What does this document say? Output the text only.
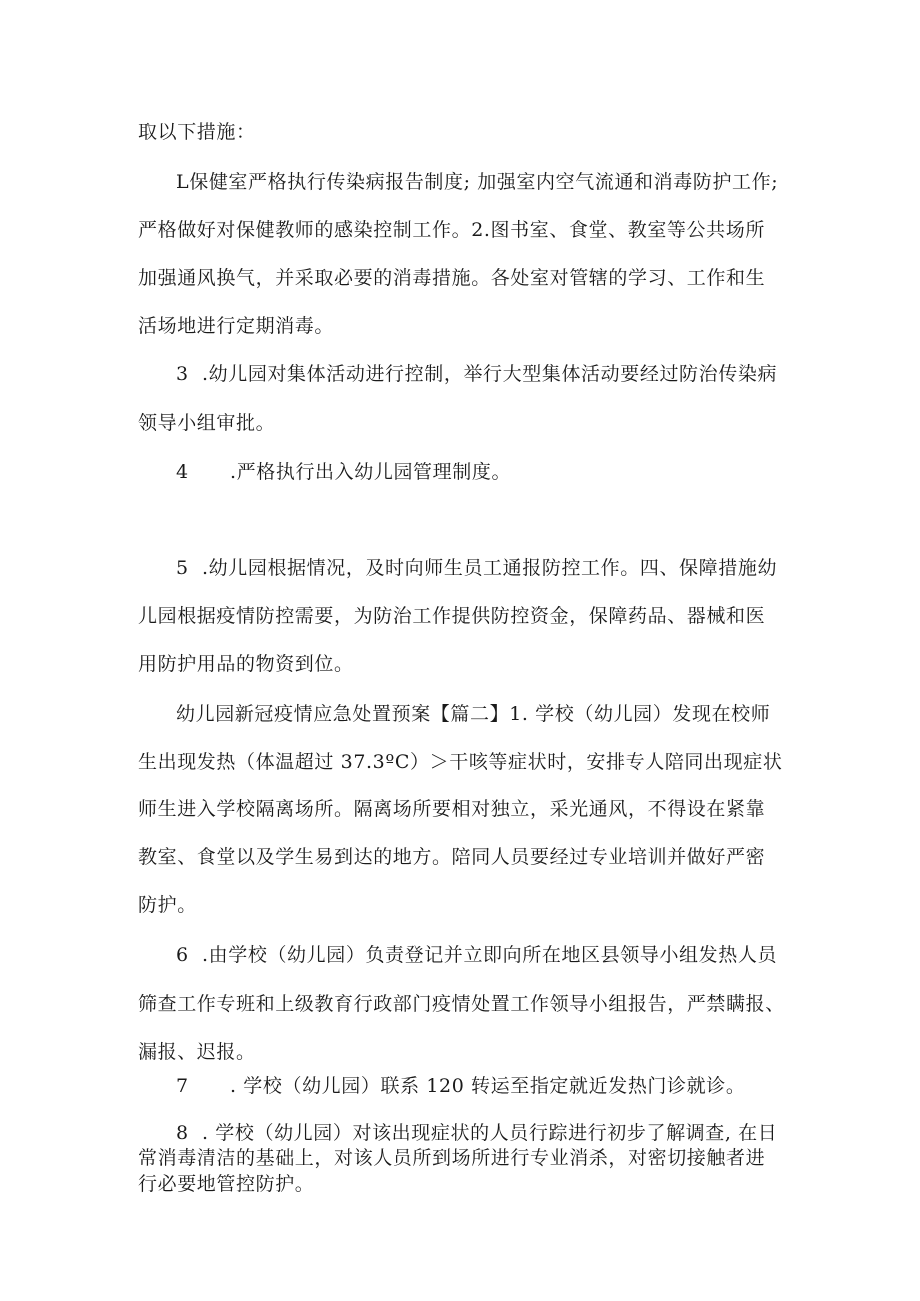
取以下措施：
L保健室严格执行传染病报告制度; 加强室内空气流通和消毒防护工作;
严格做好对保健教师的感染控制工作。2.图书室、食堂、教室等公共场所
加强通风换气，并采取必要的消毒措施。各处室对管辖的学习、工作和生
活场地进行定期消毒。
3 .幼儿园对集体活动进行控制，举行大型集体活动要经过防治传染病
领导小组审批。
4 .严格执行出入幼儿园管理制度。
5 .幼儿园根据情况，及时向师生员工通报防控工作。四、保障措施幼
儿园根据疫情防控需要，为防治工作提供防控资金，保障药品、器械和医
用防护用品的物资到位。
幼儿园新冠疫情应急处置预案【篇二】1. 学校（幼儿园）发现在校师
生出现发热（体温超过 37.3ºC）＞干咳等症状时，安排专人陪同出现症状
师生进入学校隔离场所。隔离场所要相对独立，采光通风，不得设在紧靠
教室、食堂以及学生易到达的地方。陪同人员要经过专业培训并做好严密
防护。
6 .由学校（幼儿园）负责登记并立即向所在地区县领导小组发热人员
筛查工作专班和上级教育行政部门疫情处置工作领导小组报告，严禁瞒报、
漏报、迟报。
7 . 学校（幼儿园）联系 120 转运至指定就近发热门诊就诊。
8 . 学校（幼儿园）对该出现症状的人员行踪进行初步了解调查, 在日
常消毒清洁的基础上，对该人员所到场所进行专业消杀，对密切接触者进
行必要地管控防护。
